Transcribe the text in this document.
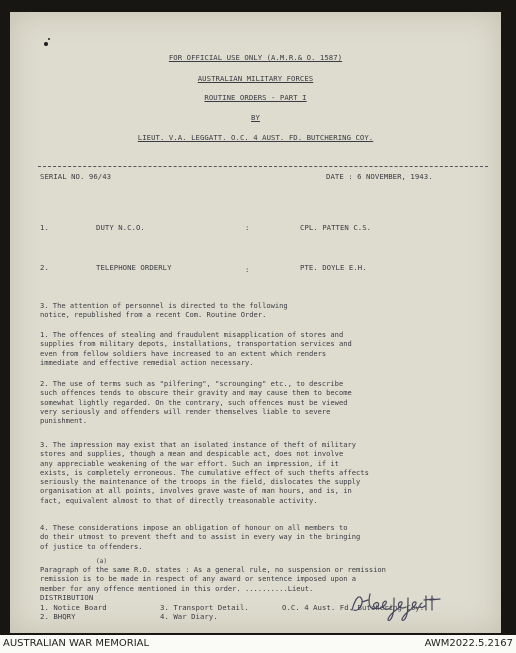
FOR OFFICIAL USE ONLY (A.M.R.& O. 1587)
AUSTRALIAN MILITARY FORCES
ROUTINE ORDERS - PART I
BY
LIEUT. V.A. LEGGATT. O.C. 4 AUST. FD. BUTCHERING COY.
SERIAL NO. 96/43	DATE : 6 NOVEMBER, 1943.
1.	DUTY N.C.O.	:	CPL. PATTEN C.S.
2.	TELEPHONE ORDERLY	:	PTE. DOYLE E.H.
3. The attention of personnel is directed to the following
notice, republished from a recent Com. Routine Order.
1. The offences of stealing and fraudulent misapplication of stores and
supplies from military depots, installations, transportation services and
even from fellow soldiers have increased to an extent which renders
immediate and effective remedial action necessary.
2. The use of terms such as "pilfering", "scrounging" etc., to describe
such offences tends to obscure their gravity and may cause them to become
somewhat lightly regarded. On the contrary, such offences must be viewed
very seriously and offenders will render themselves liable to severe
punishment.
3. The impression may exist that an isolated instance of theft of military
stores and supplies, though a mean and despicable act, does not involve
any appreciable weakening of the war effort. Such an impression, if it
exists, is completely erroneous. The cumulative effect of such thefts affects
seriously the maintenance of the troops in the field, dislocates the supply
organisation at all points, involves grave waste of man hours, and is, in
fact, equivalent almost to that of directly treasonable activity.
4. These considerations impose an obligation of honour on all members to
do their utmost to prevent theft and to assist in every way in the bringing
of justice to offenders.
(a)
Paragraph of the same R.O. states : As a general rule, no suspension or remission
remission is to be made in respect of any award or sentence imposed upon a
member for any offence mentioned in this order. ..........Lieut.
DISTRIBUTION
1. Notice Board
2. BHQRY
3. Transport Detail.
4. War Diary.
O.C. 4 Aust. Fd. Butchering Coy.
AUSTRALIAN WAR MEMORIAL	AWM2022.5.2167
